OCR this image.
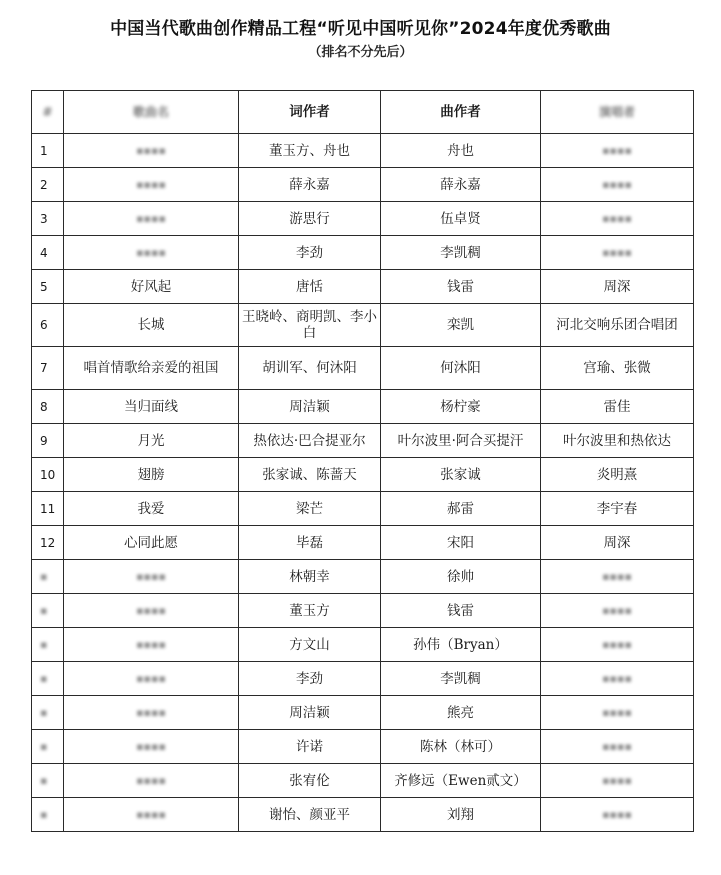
中国当代歌曲创作精品工程“听见中国听见你”2024年度优秀歌曲
（排名不分先后）
#	歌曲名	词作者	曲作者	演唱者
1	▪▪▪▪	董玉方、舟也	舟也	▪▪▪▪
2	▪▪▪▪	薛永嘉	薛永嘉	▪▪▪▪
3	▪▪▪▪	游思行	伍卓贤	▪▪▪▪
4	▪▪▪▪	李劲	李凯稠	▪▪▪▪
5	好风起	唐恬	钱雷	周深
6	长城	王晓岭、商明凯、李小白	栾凯	河北交响乐团合唱团
7	唱首情歌给亲爱的祖国	胡训军、何沐阳	何沐阳	宫瑜、张微
8	当归面线	周洁颖	杨柠豪	雷佳
9	月光	热依达·巴合提亚尔	叶尔波里·阿合买提汗	叶尔波里和热依达
10	翅膀	张家诚、陈蔷天	张家诚	炎明熹
11	我爱	梁芒	郝雷	李宇春
12	心同此愿	毕磊	宋阳	周深
▪	▪▪▪▪	林朝幸	徐帅	▪▪▪▪
▪	▪▪▪▪	董玉方	钱雷	▪▪▪▪
▪	▪▪▪▪	方文山	孙伟（Bryan）	▪▪▪▪
▪	▪▪▪▪	李劲	李凯稠	▪▪▪▪
▪	▪▪▪▪	周洁颖	熊亮	▪▪▪▪
▪	▪▪▪▪	许诺	陈林（林可）	▪▪▪▪
▪	▪▪▪▪	张宥伦	齐修远（Ewen贰文）	▪▪▪▪
▪	▪▪▪▪	谢怡、颜亚平	刘翔	▪▪▪▪
